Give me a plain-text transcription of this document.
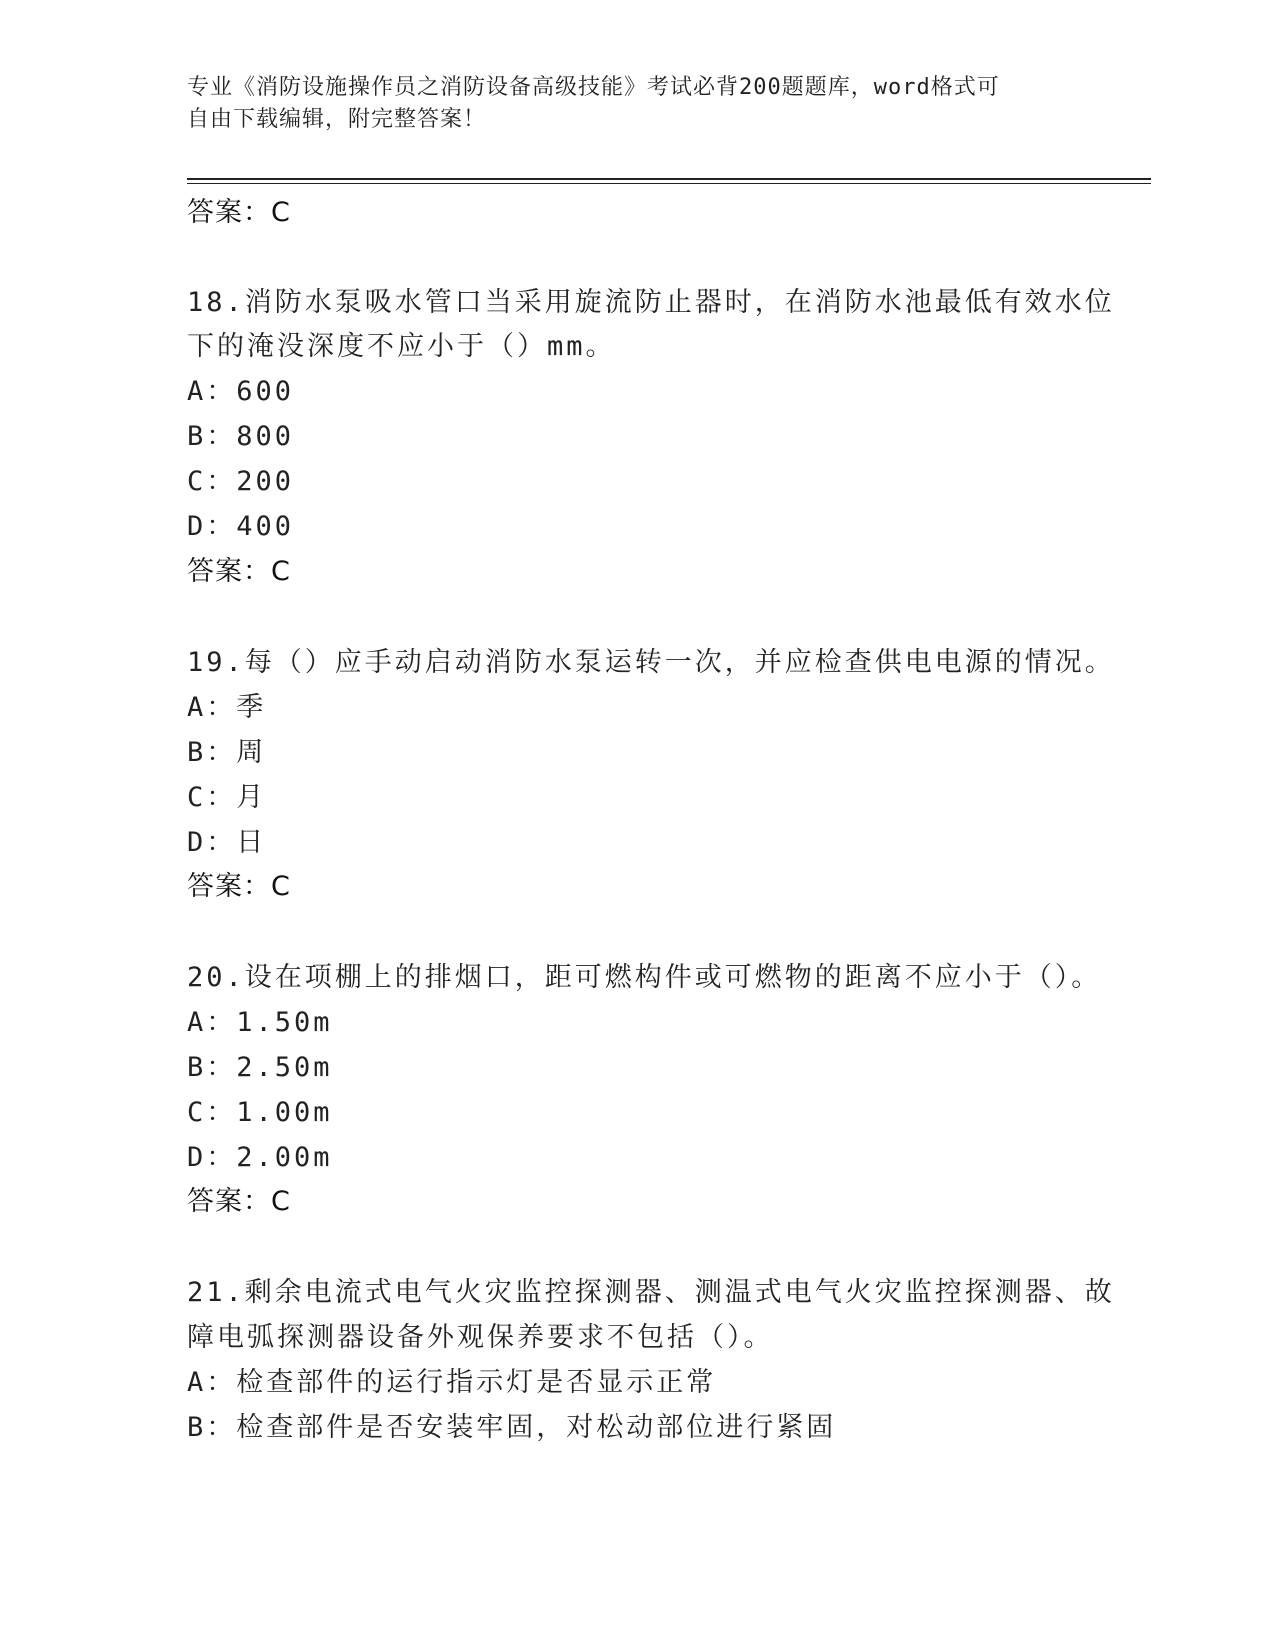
专业《消防设施操作员之消防设备高级技能》考试必背200题题库，word格式可
自由下载编辑，附完整答案！
答案：C
18.消防水泵吸水管口当采用旋流防止器时，在消防水池最低有效水位
下的淹没深度不应小于（）mm。
A：600
B：800
C：200
D：400
答案：C
19.每（）应手动启动消防水泵运转一次，并应检查供电电源的情况。
A：季
B：周
C：月
D：日
答案：C
20.设在项棚上的排烟口，距可燃构件或可燃物的距离不应小于（）。
A：1.50m
B：2.50m
C：1.00m
D：2.00m
答案：C
21.剩余电流式电气火灾监控探测器、测温式电气火灾监控探测器、故
障电弧探测器设备外观保养要求不包括（）。
A：检查部件的运行指示灯是否显示正常
B：检查部件是否安装牢固，对松动部位进行紧固
